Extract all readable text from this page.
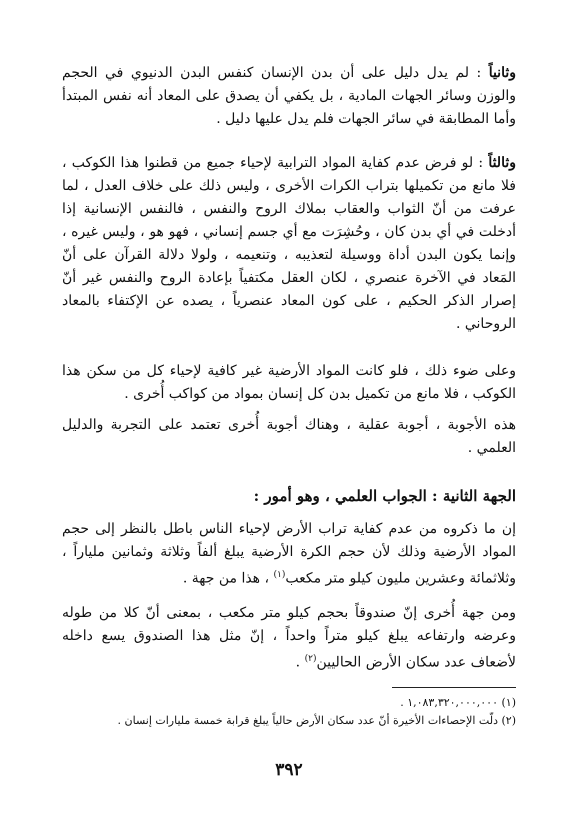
وثانياً : لم يدل دليل على أن بدن الإنسان كنفس البدن الدنيوي في الحجم والوزن وسائر الجهات المادية ، بل يكفي أن يصدق على المعاد أنه نفس المبتدأ وأما المطابقة في سائر الجهات فلم يدل عليها دليل .

وثالثاً : لو فرض عدم كفاية المواد الترابية لإحياء جميع من قطنوا هذا الكوكب ، فلا مانع من تكميلها بتراب الكرات الأخرى ، وليس ذلك على خلاف العدل ، لما عرفت من أنّ الثواب والعقاب بملاك الروح والنفس ، فالنفس الإنسانية إذا أدخلت في أي بدن كان ، وحُشِرَت مع أي جسم إنساني ، فهو هو ، وليس غيره ، وإنما يكون البدن أداة ووسيلة لتعذيبه ، وتنعيمه ، ولولا دلالة القرآن على أنّ المَعاد في الآخرة عنصري ، لكان العقل مكتفياً بإعادة الروح والنفس غير أنّ إصرار الذكر الحكيم ، على كون المعاد عنصرياً ، يصده عن الإكتفاء بالمعاد الروحاني .

وعلى ضوء ذلك ، فلو كانت المواد الأرضية غير كافية لإحياء كل من سكن هذا الكوكب ، فلا مانع من تكميل بدن كل إنسان بمواد من كواكب أُخرى .

هذه الأجوبة ، أجوبة عقلية ، وهناك أجوبة أُخرى تعتمد على التجربة والدليل العلمي .

الجهة الثانية : الجواب العلمي ، وهو أمور :

إن ما ذكروه من عدم كفاية تراب الأرض لإحياء الناس باطل بالنظر إلى حجم المواد الأرضية وذلك لأن حجم الكرة الأرضية يبلغ ألفاً وثلاثة وثمانين ملياراً ، وثلاثمائة وعشرين مليون كيلو متر مكعب$^{(١)}$ ، هذا من جهة .

ومن جهة أُخرى إنّ صندوقاً بحجم كيلو متر مكعب ، بمعنى أنّ كلا من طوله وعرضه وارتفاعه يبلغ كيلو متراً واحداً ، إنّ مثل هذا الصندوق يسع داخله لأضعاف عدد سكان الأرض الحاليين$^{(٢)}$ .

(١) ١,٠٨٣,٣٢٠,٠٠٠,٠٠٠ .
(٢) دلّت الإحصاءات الأخيرة أنّ عدد سكان الأرض حالياً يبلغ قرابة خمسة مليارات إنسان .
٣٩٢
